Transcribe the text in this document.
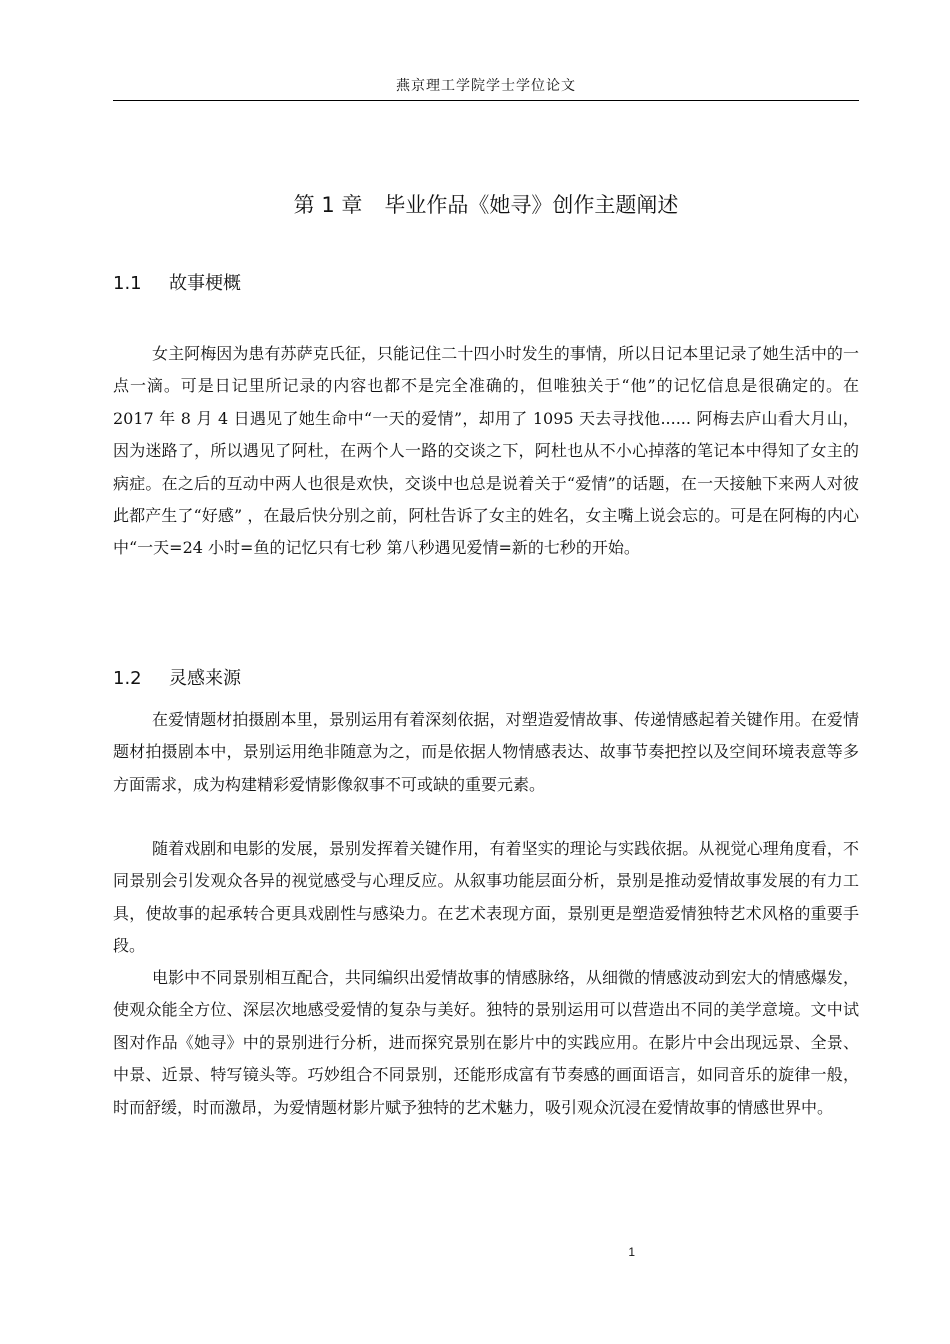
燕京理工学院学士学位论文
第 1 章 毕业作品《她寻》创作主题阐述
1.1 故事梗概

女主阿梅因为患有苏萨克氏征，只能记住二十四小时发生的事情，所以日记本里记录了她生活中的一点一滴。可是日记里所记录的内容也都不是完全准确的，但唯独关于“他”的记忆信息是很确定的。在 2017 年 8 月 4 日遇见了她生命中“一天的爱情”，却用了 1095 天去寻找他...... 阿梅去庐山看大月山，因为迷路了，所以遇见了阿杜，在两个人一路的交谈之下，阿杜也从不小心掉落的笔记本中得知了女主的病症。在之后的互动中两人也很是欢快，交谈中也总是说着关于“爱情”的话题，在一天接触下来两人对彼此都产生了“好感” ，在最后快分别之前，阿杜告诉了女主的姓名，女主嘴上说会忘的。可是在阿梅的内心中“一天=24 小时=鱼的记忆只有七秒 第八秒遇见爱情=新的七秒的开始。

1.2 灵感来源

在爱情题材拍摄剧本里，景别运用有着深刻依据，对塑造爱情故事、传递情感起着关键作用。在爱情题材拍摄剧本中，景别运用绝非随意为之，而是依据人物情感表达、故事节奏把控以及空间环境表意等多方面需求，成为构建精彩爱情影像叙事不可或缺的重要元素。

随着戏剧和电影的发展，景别发挥着关键作用，有着坚实的理论与实践依据。从视觉心理角度看，不同景别会引发观众各异的视觉感受与心理反应。从叙事功能层面分析，景别是推动爱情故事发展的有力工具，使故事的起承转合更具戏剧性与感染力。在艺术表现方面，景别更是塑造爱情独特艺术风格的重要手段。

电影中不同景别相互配合，共同编织出爱情故事的情感脉络，从细微的情感波动到宏大的情感爆发，使观众能全方位、深层次地感受爱情的复杂与美好。独特的景别运用可以营造出不同的美学意境。文中试图对作品《她寻》中的景别进行分析，进而探究景别在影片中的实践应用。在影片中会出现远景、全景、中景、近景、特写镜头等。巧妙组合不同景别，还能形成富有节奏感的画面语言，如同音乐的旋律一般，时而舒缓，时而激昂，为爱情题材影片赋予独特的艺术魅力，吸引观众沉浸在爱情故事的情感世界中。

1
